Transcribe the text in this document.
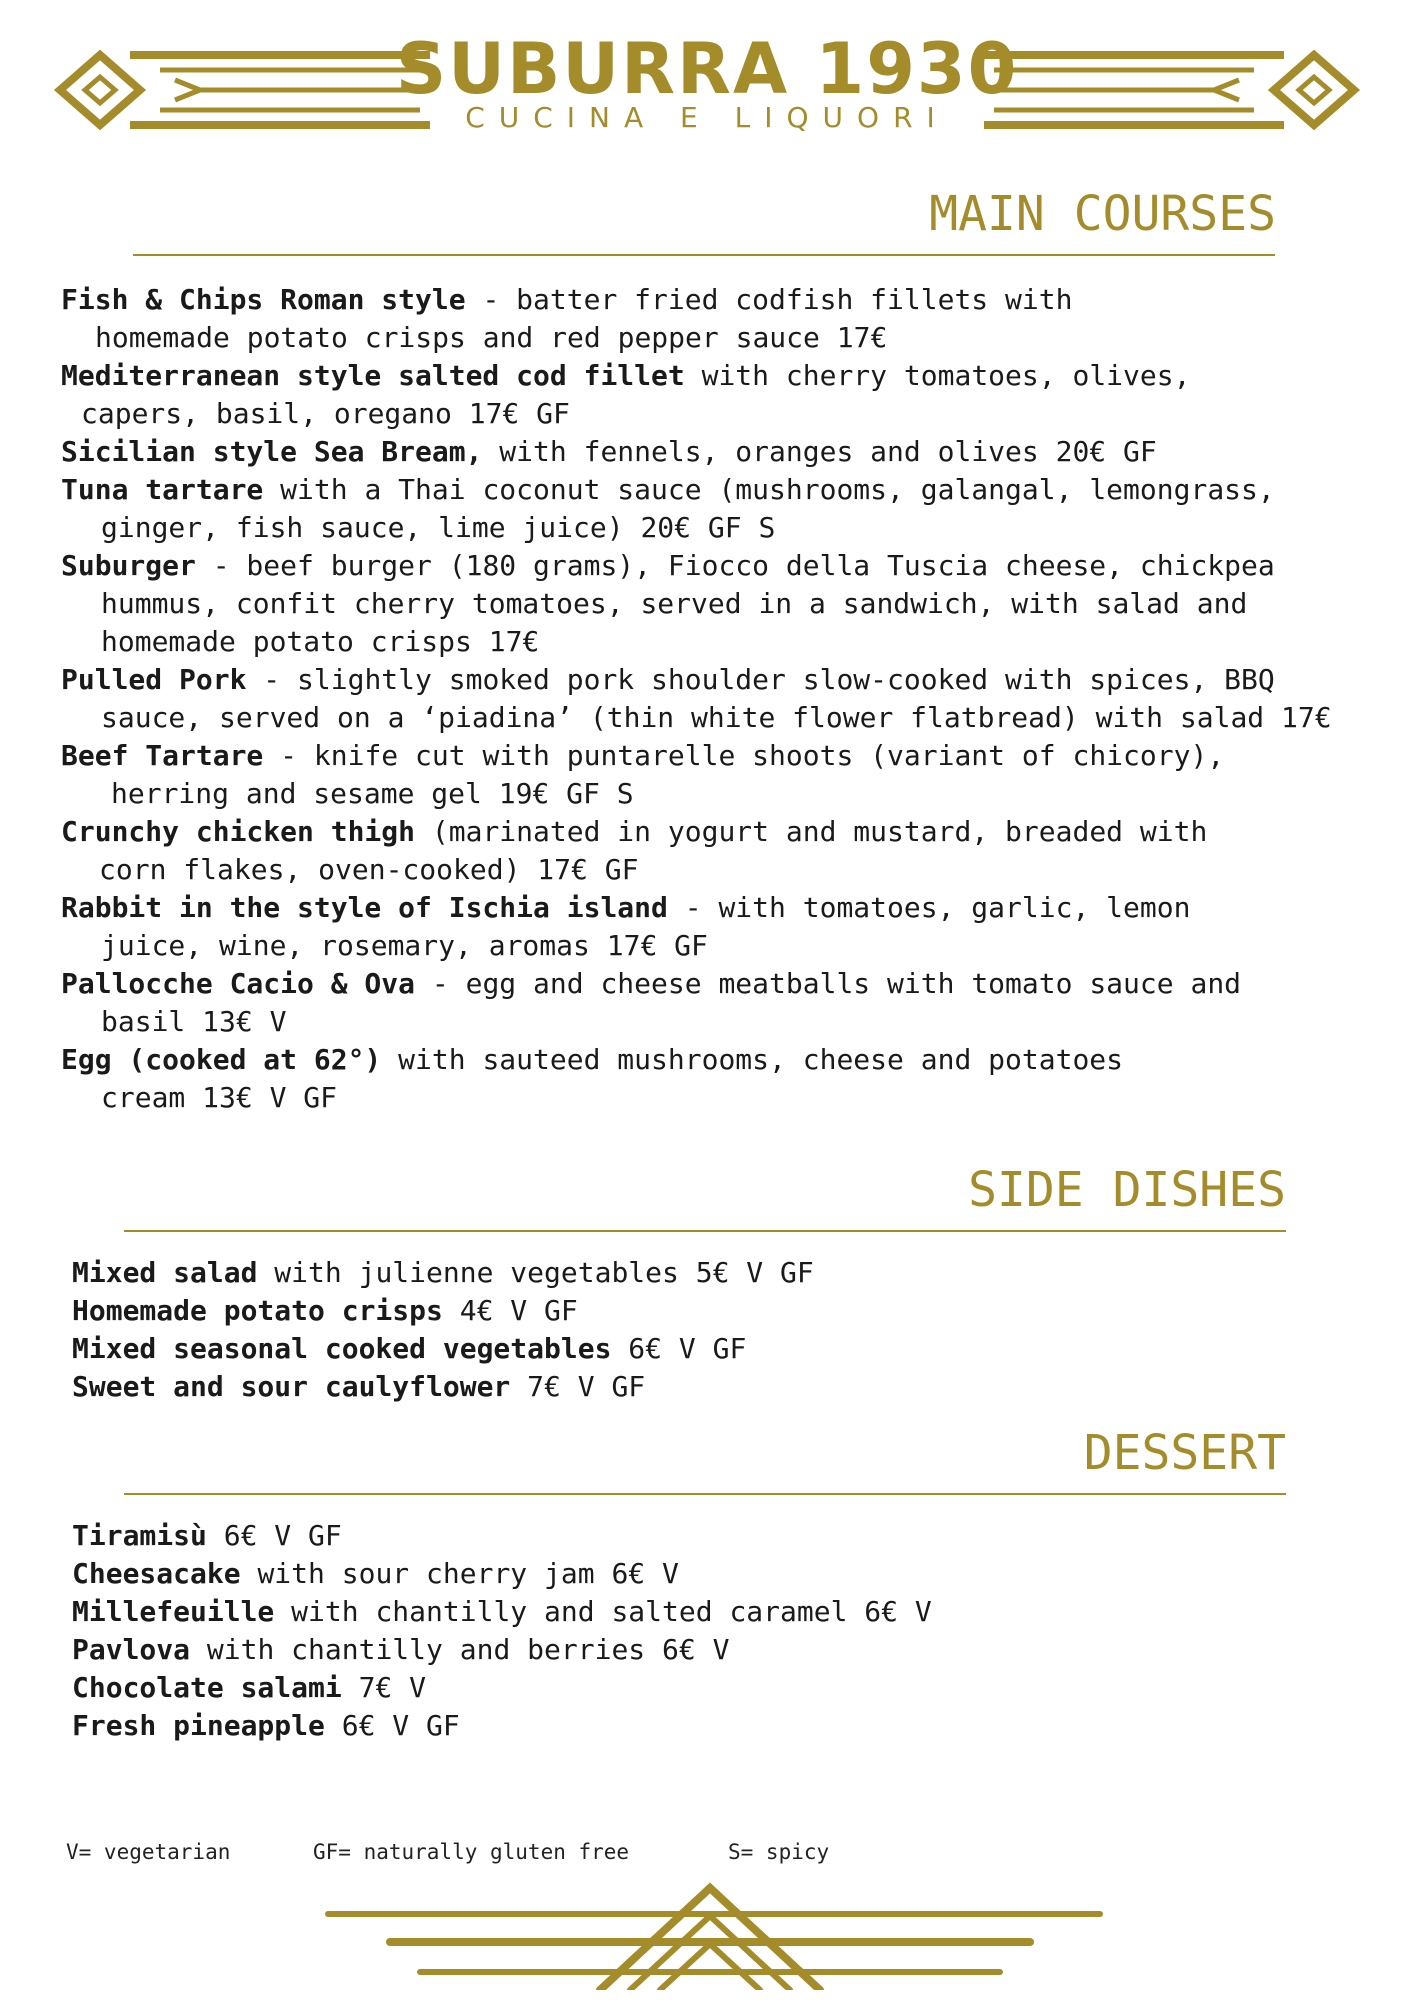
SUBURRA 1930
CUCINA E LIQUORI
MAIN COURSES
Fish & Chips Roman style - batter fried codfish fillets with
homemade potato crisps and red pepper sauce 17€
Mediterranean style salted cod fillet with cherry tomatoes, olives,
capers, basil, oregano 17€ GF
Sicilian style Sea Bream, with fennels, oranges and olives 20€ GF
Tuna tartare with a Thai coconut sauce (mushrooms, galangal, lemongrass,
ginger, fish sauce, lime juice) 20€ GF S
Suburger - beef burger (180 grams), Fiocco della Tuscia cheese, chickpea
hummus, confit cherry tomatoes, served in a sandwich, with salad and
homemade potato crisps 17€
Pulled Pork - slightly smoked pork shoulder slow-cooked with spices, BBQ
sauce, served on a ‘piadina’ (thin white flower flatbread) with salad 17€
Beef Tartare - knife cut with puntarelle shoots (variant of chicory),
herring and sesame gel 19€ GF S
Crunchy chicken thigh (marinated in yogurt and mustard, breaded with
corn flakes, oven-cooked) 17€ GF
Rabbit in the style of Ischia island - with tomatoes, garlic, lemon
juice, wine, rosemary, aromas 17€ GF
Pallocche Cacio & Ova - egg and cheese meatballs with tomato sauce and
basil 13€ V
Egg (cooked at 62°) with sauteed mushrooms, cheese and potatoes
cream 13€ V GF
SIDE DISHES
Mixed salad with julienne vegetables 5€ V GF
Homemade potato crisps 4€ V GF
Mixed seasonal cooked vegetables 6€ V GF
Sweet and sour caulyflower 7€ V GF
DESSERT
Tiramisù 6€ V GF
Cheesacake with sour cherry jam 6€ V
Millefeuille with chantilly and salted caramel 6€ V
Pavlova with chantilly and berries 6€ V
Chocolate salami 7€ V
Fresh pineapple 6€ V GF
V= vegetarian	GF= naturally gluten free	S= spicy
